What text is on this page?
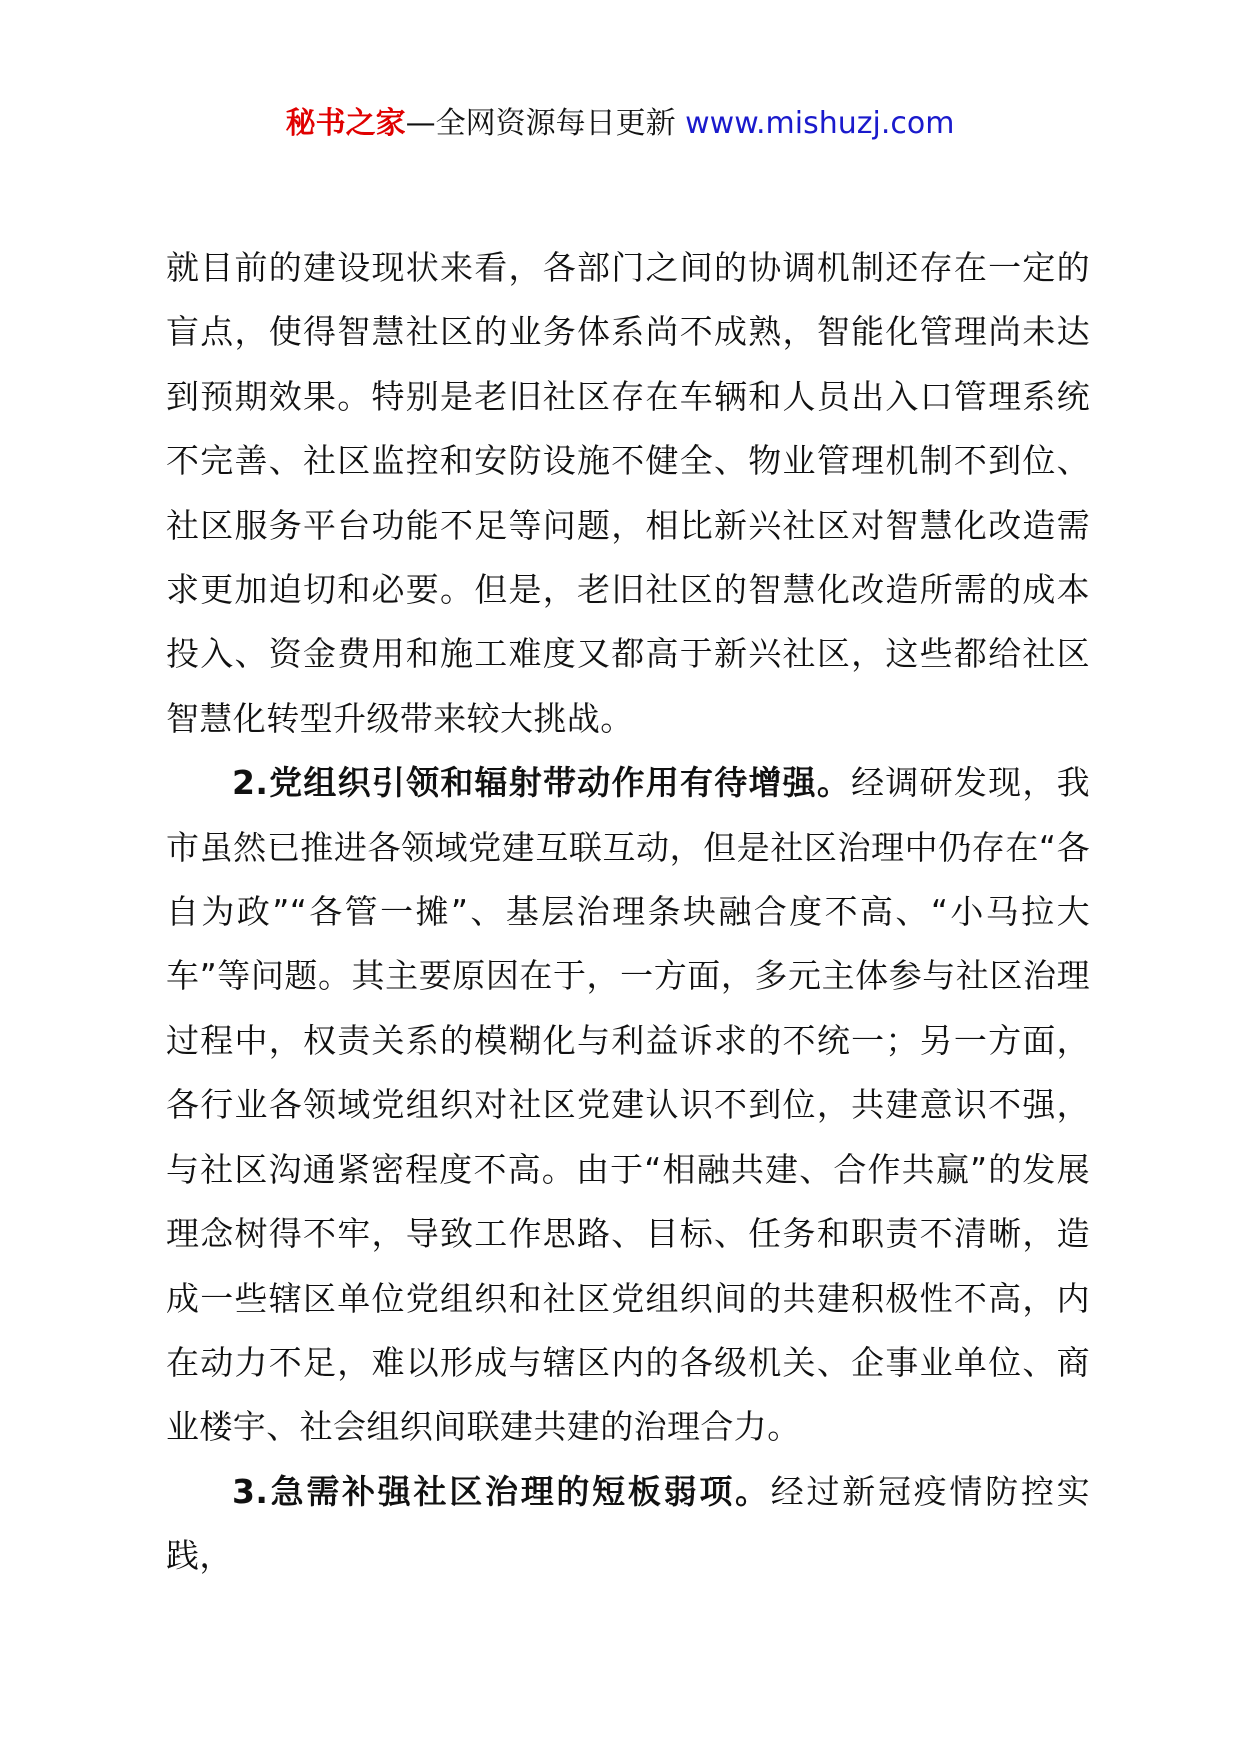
秘书之家—全网资源每日更新 www.mishuzj.com

就目前的建设现状来看，各部门之间的协调机制还存在一定的盲点，使得智慧社区的业务体系尚不成熟，智能化管理尚未达到预期效果。特别是老旧社区存在车辆和人员出入口管理系统不完善、社区监控和安防设施不健全、物业管理机制不到位、社区服务平台功能不足等问题，相比新兴社区对智慧化改造需求更加迫切和必要。但是，老旧社区的智慧化改造所需的成本投入、资金费用和施工难度又都高于新兴社区，这些都给社区智慧化转型升级带来较大挑战。

2.党组织引领和辐射带动作用有待增强。经调研发现，我市虽然已推进各领域党建互联互动，但是社区治理中仍存在“各自为政”“各管一摊”、基层治理条块融合度不高、“小马拉大车”等问题。其主要原因在于，一方面，多元主体参与社区治理过程中，权责关系的模糊化与利益诉求的不统一；另一方面，各行业各领域党组织对社区党建认识不到位，共建意识不强，与社区沟通紧密程度不高。由于“相融共建、合作共赢”的发展理念树得不牢，导致工作思路、目标、任务和职责不清晰，造成一些辖区单位党组织和社区党组织间的共建积极性不高，内在动力不足，难以形成与辖区内的各级机关、企事业单位、商业楼宇、社会组织间联建共建的治理合力。

3.急需补强社区治理的短板弱项。经过新冠疫情防控实践，
